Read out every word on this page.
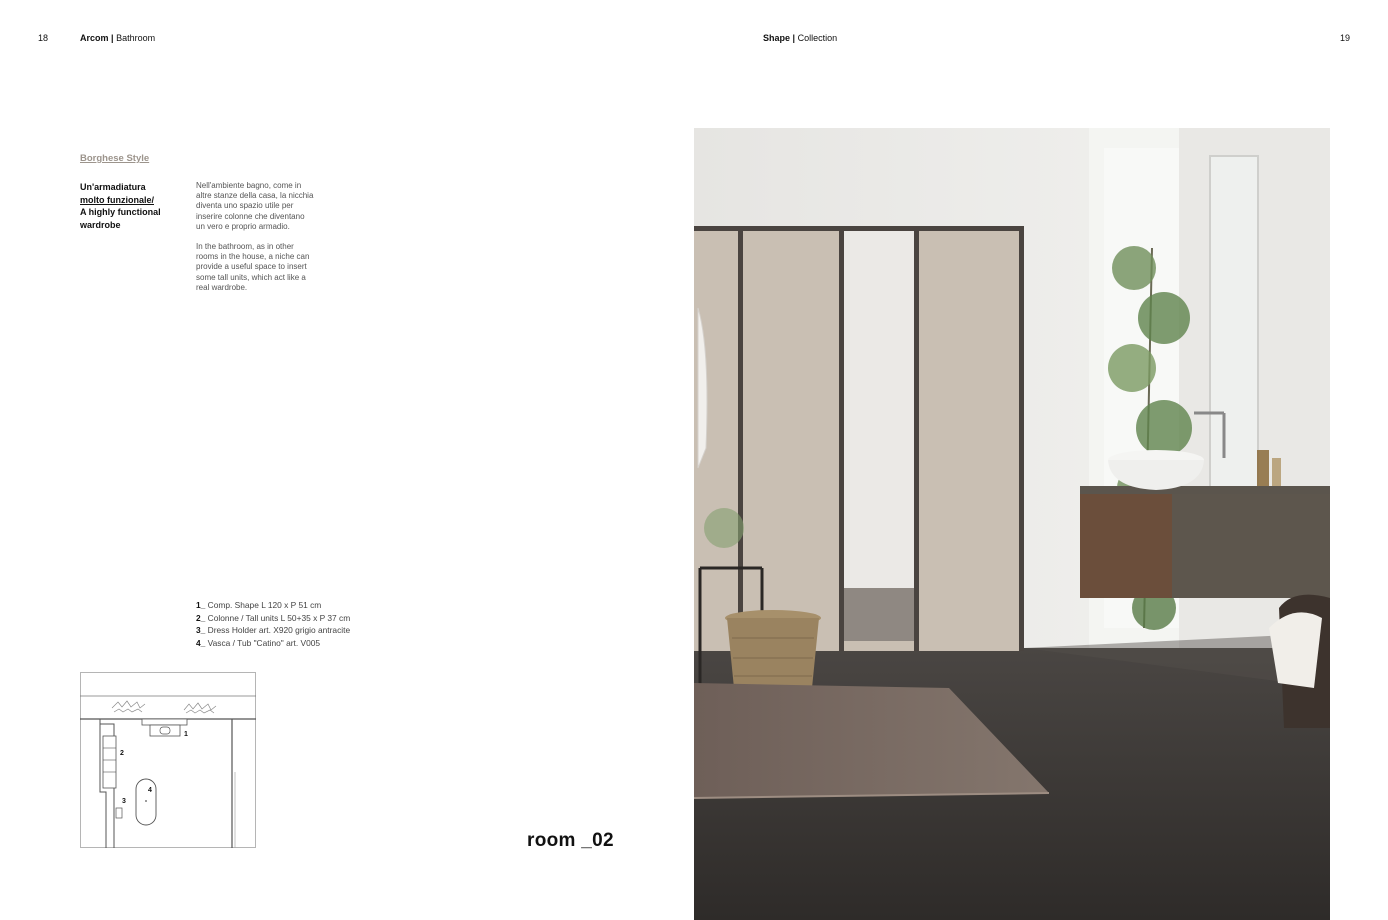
18	Arcom | Bathroom	Shape | Collection	19
Borghese Style
Un'armadiatura
molto funzionale/
A highly functional
wardrobe
Nell'ambiente bagno, come in
altre stanze della casa, la nicchia
diventa uno spazio utile per
inserire colonne che diventano
un vero e proprio armadio.
In the bathroom, as in other
rooms in the house, a niche can
provide a useful space to insert
some tall units, which act like a
real wardrobe.
1_ Comp. Shape L 120 x P 51 cm
2_ Colonne / Tall units L 50+35 x P 37 cm
3_ Dress Holder art. X920 grigio antracite
4_ Vasca / Tub "Catino" art. V005
1
2
3
4
room _02
